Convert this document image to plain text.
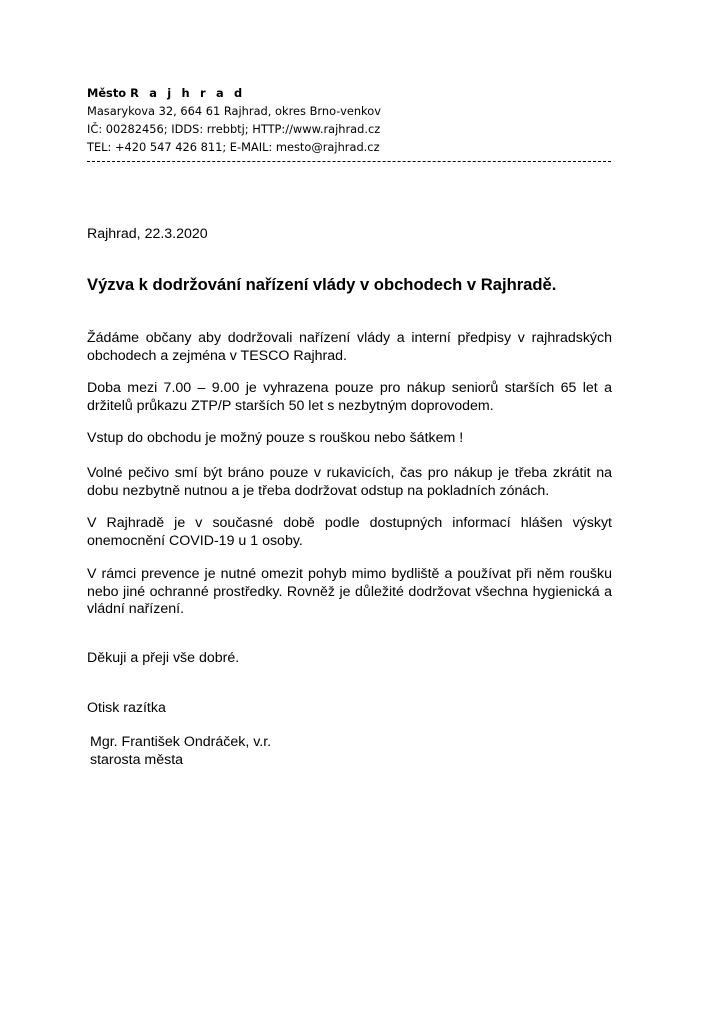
Město R a j h r a d
Masarykova 32, 664 61 Rajhrad, okres Brno-venkov
IČ: 00282456; IDDS: rrebbtj; HTTP://www.rajhrad.cz
TEL: +420 547 426 811; E-MAIL: mesto@rajhrad.cz
Rajhrad, 22.3.2020
Výzva k dodržování nařízení vlády v obchodech v Rajhradě.

Žádáme občany aby dodržovali nařízení vlády a interní předpisy v rajhradských obchodech a zejména v TESCO Rajhrad.

Doba mezi 7.00 – 9.00 je vyhrazena pouze pro nákup seniorů starších 65 let a držitelů průkazu ZTP/P starších 50 let s nezbytným doprovodem.

Vstup do obchodu je možný pouze s rouškou nebo šátkem !

Volné pečivo smí být bráno pouze v rukavicích, čas pro nákup je třeba zkrátit na dobu nezbytně nutnou a je třeba dodržovat odstup na pokladních zónách.

V Rajhradě je v současné době podle dostupných informací hlášen výskyt onemocnění COVID-19 u 1 osoby.

V rámci prevence je nutné omezit pohyb mimo bydliště a používat při něm roušku nebo jiné ochranné prostředky. Rovněž je důležité dodržovat všechna hygienická a vládní nařízení.

Děkuji a přeji vše dobré.
Otisk razítka
Mgr. František Ondráček, v.r.
starosta města
